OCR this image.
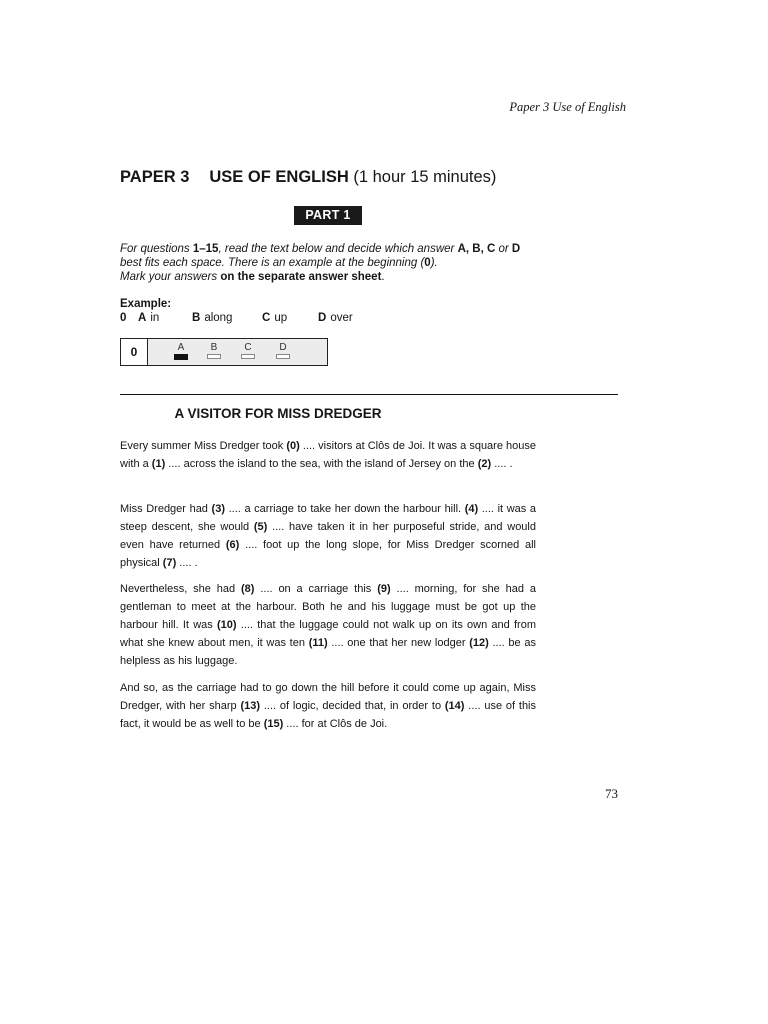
Paper 3 Use of English
PAPER 3 USE OF ENGLISH (1 hour 15 minutes)
PART 1
For questions 1–15, read the text below and decide which answer A, B, C or D
best fits each space. There is an example at the beginning (0).
Mark your answers on the separate answer sheet.
Example:
0	A in	B along	C up	D over
0	A	B	C	D
A VISITOR FOR MISS DREDGER
Every summer Miss Dredger took (0) .... visitors at Clôs de Joi. It was a square house with a (1) .... across the island to the sea, with the island of Jersey on the (2) .... .
Miss Dredger had (3) .... a carriage to take her down the harbour hill. (4) .... it was a steep descent, she would (5) .... have taken it in her purposeful stride, and would even have returned (6) .... foot up the long slope, for Miss Dredger scorned all physical (7) .... .
Nevertheless, she had (8) .... on a carriage this (9) .... morning, for she had a gentleman to meet at the harbour. Both he and his luggage must be got up the harbour hill. It was (10) .... that the luggage could not walk up on its own and from what she knew about men, it was ten (11) .... one that her new lodger (12) .... be as helpless as his luggage.
And so, as the carriage had to go down the hill before it could come up again, Miss Dredger, with her sharp (13) .... of logic, decided that, in order to (14) .... use of this fact, it would be as well to be (15) .... for at Clôs de Joi.
73
